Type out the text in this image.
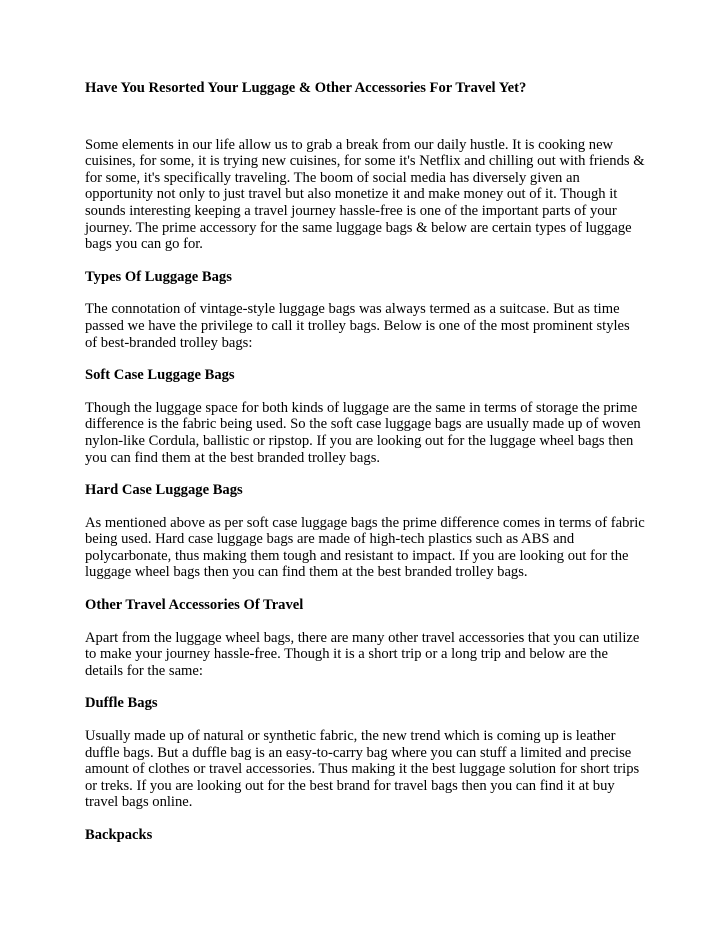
Have You Resorted Your Luggage & Other Accessories For Travel Yet?

Some elements in our life allow us to grab a break from our daily hustle. It is cooking new cuisines, for some, it is trying new cuisines, for some it's Netflix and chilling out with friends & for some, it's specifically traveling. The boom of social media has diversely given an opportunity not only to just travel but also monetize it and make money out of it. Though it sounds interesting keeping a travel journey hassle-free is one of the important parts of your journey. The prime accessory for the same luggage bags & below are certain types of luggage bags you can go for.

Types Of Luggage Bags

The connotation of vintage-style luggage bags was always termed as a suitcase. But as time passed we have the privilege to call it trolley bags. Below is one of the most prominent styles of best-branded trolley bags:

Soft Case Luggage Bags

Though the luggage space for both kinds of luggage are the same in terms of storage the prime difference is the fabric being used. So the soft case luggage bags are usually made up of woven nylon-like Cordula, ballistic or ripstop. If you are looking out for the luggage wheel bags then you can find them at the best branded trolley bags.

Hard Case Luggage Bags

As mentioned above as per soft case luggage bags the prime difference comes in terms of fabric being used. Hard case luggage bags are made of high-tech plastics such as ABS and polycarbonate, thus making them tough and resistant to impact. If you are looking out for the luggage wheel bags then you can find them at the best branded trolley bags.

Other Travel Accessories Of Travel

Apart from the luggage wheel bags, there are many other travel accessories that you can utilize to make your journey hassle-free. Though it is a short trip or a long trip and below are the details for the same:

Duffle Bags

Usually made up of natural or synthetic fabric, the new trend which is coming up is leather duffle bags. But a duffle bag is an easy-to-carry bag where you can stuff a limited and precise amount of clothes or travel accessories. Thus making it the best luggage solution for short trips or treks. If you are looking out for the best brand for travel bags then you can find it at buy travel bags online.

Backpacks
